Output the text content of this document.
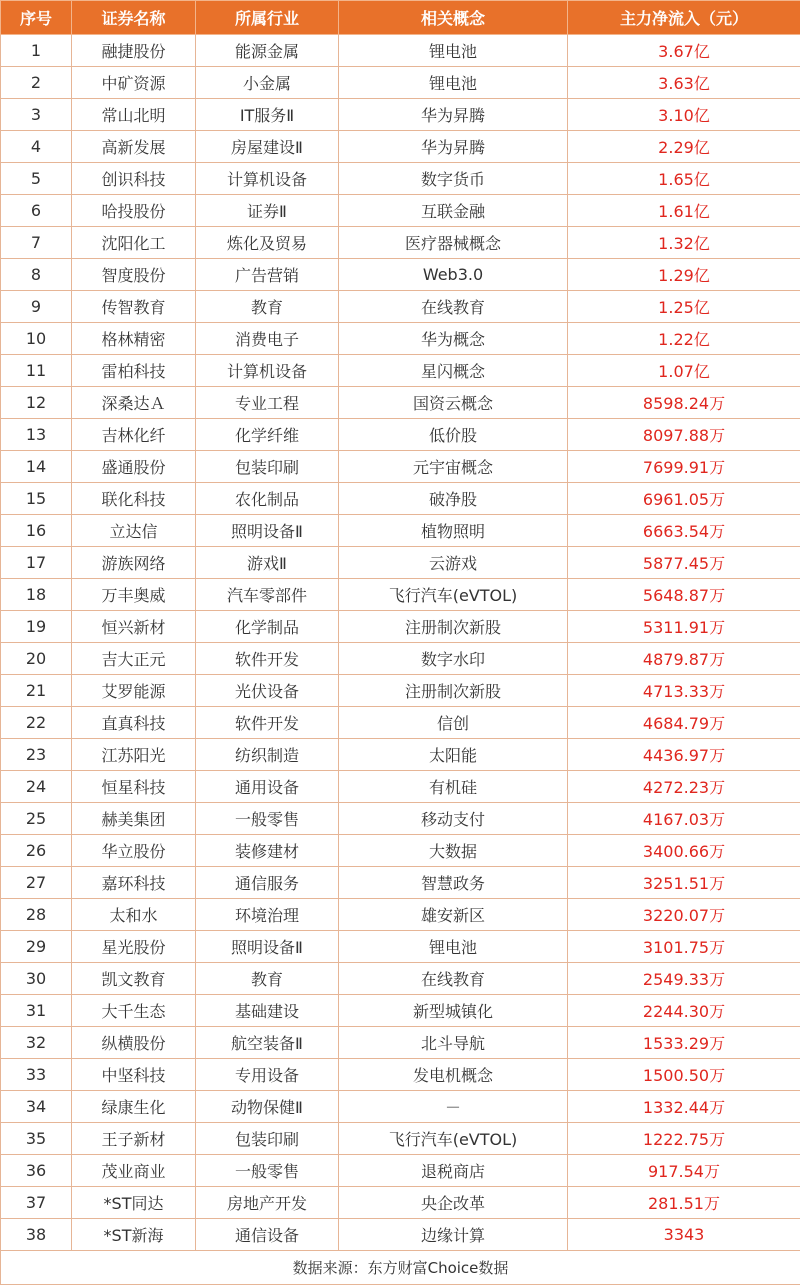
序号	证券名称	所属行业	相关概念	主力净流入（元）
1	融捷股份	能源金属	锂电池	3.67亿
2	中矿资源	小金属	锂电池	3.63亿
3	常山北明	IT服务Ⅱ	华为昇腾	3.10亿
4	高新发展	房屋建设Ⅱ	华为昇腾	2.29亿
5	创识科技	计算机设备	数字货币	1.65亿
6	哈投股份	证券Ⅱ	互联金融	1.61亿
7	沈阳化工	炼化及贸易	医疗器械概念	1.32亿
8	智度股份	广告营销	Web3.0	1.29亿
9	传智教育	教育	在线教育	1.25亿
10	格林精密	消费电子	华为概念	1.22亿
11	雷柏科技	计算机设备	星闪概念	1.07亿
12	深桑达Ａ	专业工程	国资云概念	8598.24万
13	吉林化纤	化学纤维	低价股	8097.88万
14	盛通股份	包装印刷	元宇宙概念	7699.91万
15	联化科技	农化制品	破净股	6961.05万
16	立达信	照明设备Ⅱ	植物照明	6663.54万
17	游族网络	游戏Ⅱ	云游戏	5877.45万
18	万丰奥威	汽车零部件	飞行汽车(eVTOL)	5648.87万
19	恒兴新材	化学制品	注册制次新股	5311.91万
20	吉大正元	软件开发	数字水印	4879.87万
21	艾罗能源	光伏设备	注册制次新股	4713.33万
22	直真科技	软件开发	信创	4684.79万
23	江苏阳光	纺织制造	太阳能	4436.97万
24	恒星科技	通用设备	有机硅	4272.23万
25	赫美集团	一般零售	移动支付	4167.03万
26	华立股份	装修建材	大数据	3400.66万
27	嘉环科技	通信服务	智慧政务	3251.51万
28	太和水	环境治理	雄安新区	3220.07万
29	星光股份	照明设备Ⅱ	锂电池	3101.75万
30	凯文教育	教育	在线教育	2549.33万
31	大千生态	基础建设	新型城镇化	2244.30万
32	纵横股份	航空装备Ⅱ	北斗导航	1533.29万
33	中坚科技	专用设备	发电机概念	1500.50万
34	绿康生化	动物保健Ⅱ	－	1332.44万
35	王子新材	包装印刷	飞行汽车(eVTOL)	1222.75万
36	茂业商业	一般零售	退税商店	917.54万
37	*ST同达	房地产开发	央企改革	281.51万
38	*ST新海	通信设备	边缘计算	3343
数据来源：东方财富Choice数据				
